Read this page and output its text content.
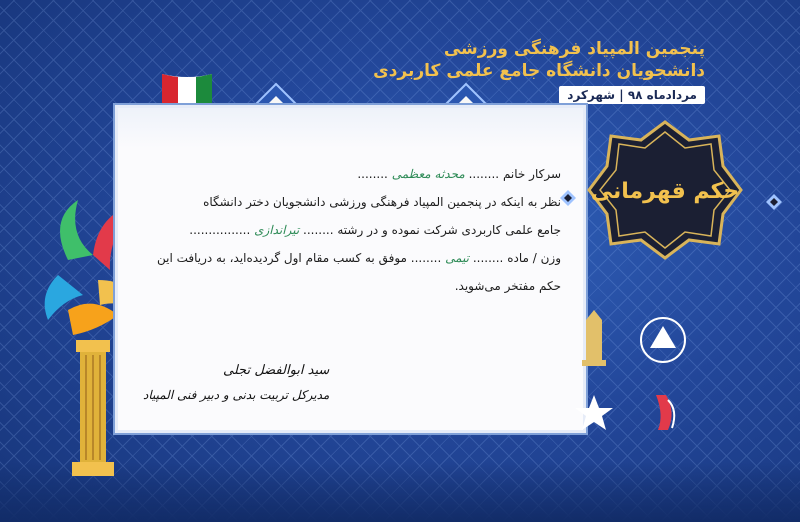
پنجمین المپیاد فرهنگی ورزشی
دانشجویان دانشگاه جامع علمی کاربردی
مردادماه ۹۸ | شهرکرد

سرکار خانم ........ محدثه معظمی ........

نظر به اینکه در پنجمین المپیاد فرهنگی ورزشی دانشجویان دختر دانشگاه

جامع علمی کاربردی شرکت نموده و در رشته ........ تیراندازی ................

وزن / ماده ........ تیمی ........ موفق به کسب مقام اول گردیده‌اید، به دریافت این

حکم مفتخر می‌شوید.

سید ابوالفضل تجلی
مدیرکل تربیت بدنی و دبیر فنی المپیاد
حکم قهرمانی
